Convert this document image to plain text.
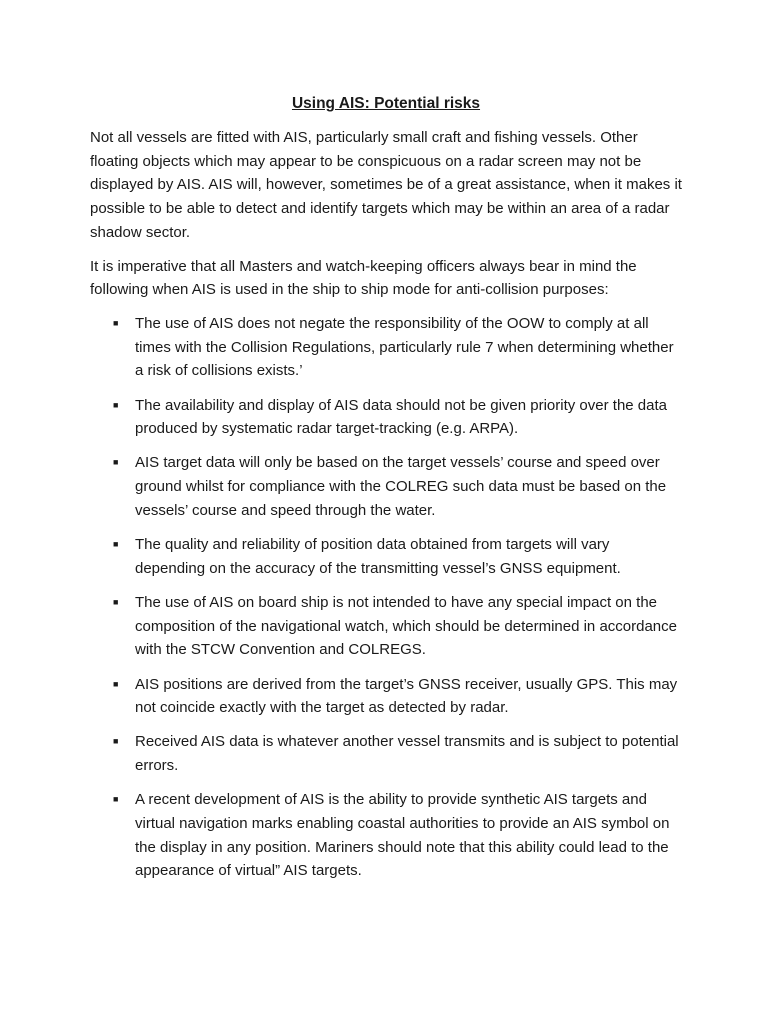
Using AIS: Potential risks

Not all vessels are fitted with AIS, particularly small craft and fishing vessels. Other floating objects which may appear to be conspicuous on a radar screen may not be displayed by AIS. AIS will, however, sometimes be of a great assistance, when it makes it possible to be able to detect and identify targets which may be within an area of a radar shadow sector.

It is imperative that all Masters and watch-keeping officers always bear in mind the following when AIS is used in the ship to ship mode for anti-collision purposes:

■ The use of AIS does not negate the responsibility of the OOW to comply at all times with the Collision Regulations, particularly rule 7 when determining whether a risk of collisions exists.’
■ The availability and display of AIS data should not be given priority over the data produced by systematic radar target-tracking (e.g. ARPA).
■ AIS target data will only be based on the target vessels’ course and speed over ground whilst for compliance with the COLREG such data must be based on the vessels’ course and speed through the water.
■ The quality and reliability of position data obtained from targets will vary depending on the accuracy of the transmitting vessel’s GNSS equipment.
■ The use of AIS on board ship is not intended to have any special impact on the composition of the navigational watch, which should be determined in accordance with the STCW Convention and COLREGS.
■ AIS positions are derived from the target’s GNSS receiver, usually GPS. This may not coincide exactly with the target as detected by radar.
■ Received AIS data is whatever another vessel transmits and is subject to potential errors.
■ A recent development of AIS is the ability to provide synthetic AIS targets and virtual navigation marks enabling coastal authorities to provide an AIS symbol on the display in any position. Mariners should note that this ability could lead to the appearance of virtual” AIS targets.
